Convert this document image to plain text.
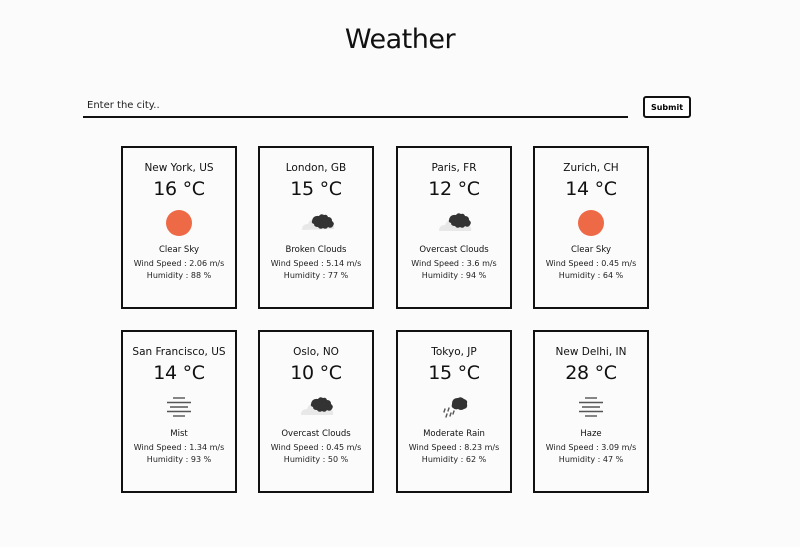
Weather
Enter the city..
Submit
New York, US
16 °C
Clear Sky
Wind Speed : 2.06 m/s
Humidity : 88 %
London, GB
15 °C
Broken Clouds
Wind Speed : 5.14 m/s
Humidity : 77 %
Paris, FR
12 °C
Overcast Clouds
Wind Speed : 3.6 m/s
Humidity : 94 %
Zurich, CH
14 °C
Clear Sky
Wind Speed : 0.45 m/s
Humidity : 64 %
San Francisco, US
14 °C
Mist
Wind Speed : 1.34 m/s
Humidity : 93 %
Oslo, NO
10 °C
Overcast Clouds
Wind Speed : 0.45 m/s
Humidity : 50 %
Tokyo, JP
15 °C
Moderate Rain
Wind Speed : 8.23 m/s
Humidity : 62 %
New Delhi, IN
28 °C
Haze
Wind Speed : 3.09 m/s
Humidity : 47 %
